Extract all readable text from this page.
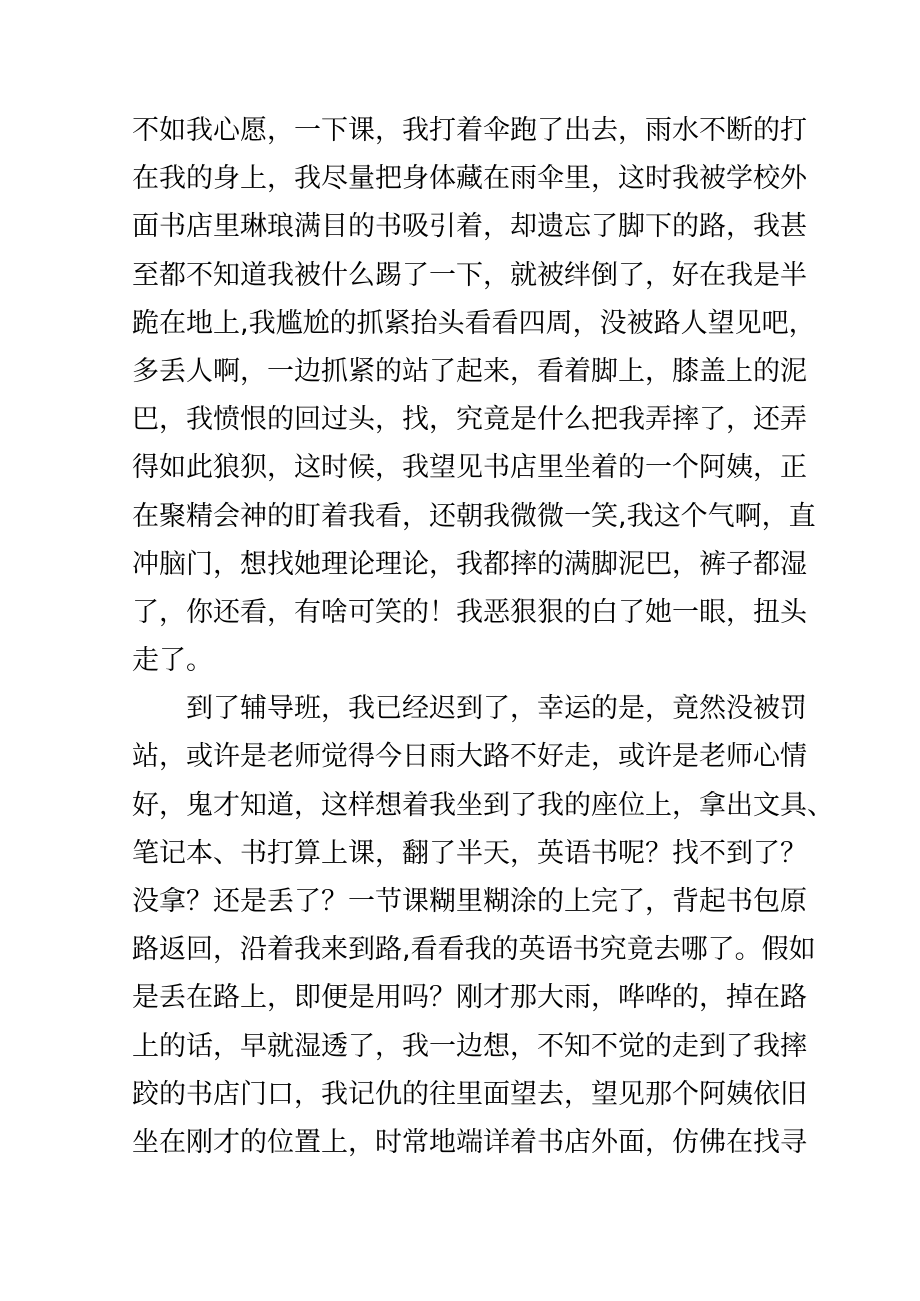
不如我心愿，一下课，我打着伞跑了出去，雨水不断的打
在我的身上，我尽量把身体藏在雨伞里，这时我被学校外
面书店里琳琅满目的书吸引着，却遗忘了脚下的路，我甚
至都不知道我被什么踢了一下，就被绊倒了，好在我是半
跪在地上,我尴尬的抓紧抬头看看四周，没被路人望见吧，
多丢人啊，一边抓紧的站了起来，看着脚上，膝盖上的泥
巴，我愤恨的回过头，找，究竟是什么把我弄摔了，还弄
得如此狼狈，这时候，我望见书店里坐着的一个阿姨，正
在聚精会神的盯着我看，还朝我微微一笑,我这个气啊，直
冲脑门，想找她理论理论，我都摔的满脚泥巴，裤子都湿
了，你还看，有啥可笑的！我恶狠狠的白了她一眼，扭头
走了。
到了辅导班，我已经迟到了，幸运的是，竟然没被罚
站，或许是老师觉得今日雨大路不好走，或许是老师心情
好，鬼才知道，这样想着我坐到了我的座位上，拿出文具、
笔记本、书打算上课，翻了半天，英语书呢？找不到了？
没拿？还是丢了？一节课糊里糊涂的上完了，背起书包原
路返回，沿着我来到路,看看我的英语书究竟去哪了。假如
是丢在路上，即便是用吗？刚才那大雨，哗哗的，掉在路
上的话，早就湿透了，我一边想，不知不觉的走到了我摔
跤的书店门口，我记仇的往里面望去，望见那个阿姨依旧
坐在刚才的位置上，时常地端详着书店外面，仿佛在找寻
